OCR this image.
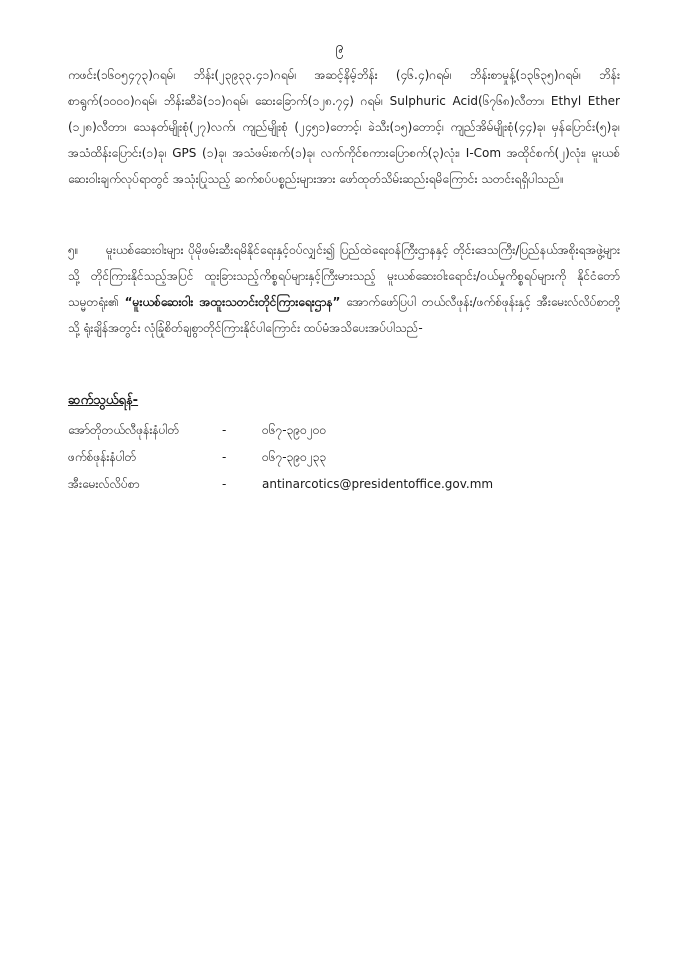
၉

ကဖင်း(၁၆၀၅၄၇၃)ဂရမ်၊ ဘိန်း(၂၃၉၃၃.၄၁)ဂရမ်၊ အဆင့်နိမ့်ဘိန်း (၄၆.၄)ဂရမ်၊ ဘိန်းစာမှုန့်(၁၃၆၃၅)ဂရမ်၊ ဘိန်းစာရွက်(၁၀၀၀)ဂရမ်၊ ဘိန်းဆီခဲ(၁၁)ဂရမ်၊ ဆေးခြောက်(၁၂၈.၇၄) ဂရမ်၊ Sulphuric Acid(၆၇၆၈)လီတာ၊ Ethyl Ether (၁၂၈)လီတာ၊ သေနတ်မျိုးစုံ(၂၇)လက်၊ ကျည်မျိုးစုံ (၂၄၅၁)တောင့်၊ ခဲသီး(၁၅)တောင့်၊ ကျည်အိမ်မျိုးစုံ(၄၄)ခု၊ မှန်ပြောင်း(၅)ခု၊ အသံထိန်းပြောင်း(၁)ခု၊ GPS (၁)ခု၊ အသံဖမ်းစက်(၁)ခု၊ လက်ကိုင်စကားပြောစက်(၃)လုံး၊ I-Com အထိုင်စက်(၂)လုံး၊ မူးယစ်ဆေးဝါးချက်လုပ်ရာတွင် အသုံးပြုသည့် ဆက်စပ်ပစ္စည်းများအား ဖော်ထုတ်သိမ်းဆည်းရမိကြောင်း သတင်းရရှိပါသည်။

၅။ မူးယစ်ဆေးဝါးများ ပိုမိုဖမ်းဆီးရမိနိုင်ရေးနှင့်ဝပ်လျှင်း၍ ပြည်ထဲရေးဝန်ကြီးဌာနနှင့် တိုင်းဒေသကြီး/ပြည်နယ်အစိုးရအဖွဲ့များသို့ တိုင်ကြားနိုင်သည့်အပြင် ထူးခြားသည့်ကိစ္စရပ်များနှင့်ကြီးမားသည့် မူးယစ်ဆေးဝါးရောင်း/ဝယ်မှုကိစ္စရပ်များကို နိုင်ငံတော်သမ္မတရုံး၏ “မူးယစ်ဆေးဝါး အထူးသတင်းတိုင်ကြားရေးဌာန” အောက်ဖော်ပြပါ တယ်လီဖုန်း/ဖက်စ်ဖုန်းနှင့် အီးမေးလ်လိပ်စာတို့သို့ ရုံးချိန်အတွင်း လုံခြုံစိတ်ချစွာတိုင်ကြားနိုင်ပါကြောင်း ထပ်မံအသိပေးအပ်ပါသည်-

ဆက်သွယ်ရန်-
အော်တိုတယ်လီဖုန်းနံပါတ်	-	၀၆၇-၃၉၀၂၀၀
ဖက်စ်ဖုန်းနံပါတ်	-	၀၆၇-၃၉၀၂၃၃
အီးမေးလ်လိပ်စာ	-	antinarcotics@presidentoffice.gov.mm
